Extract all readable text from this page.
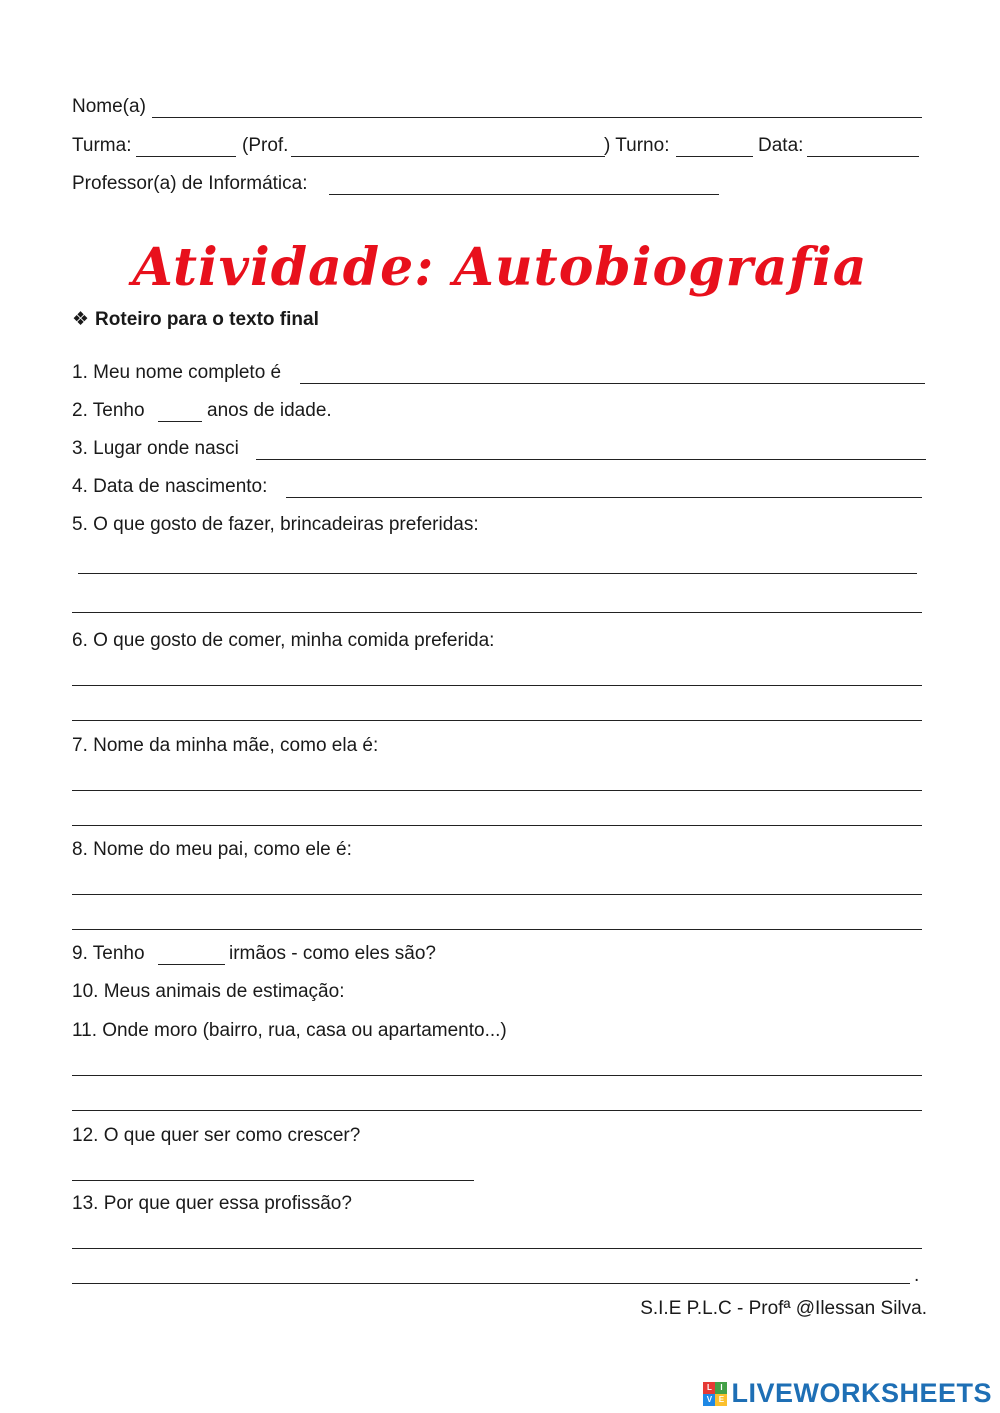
Nome(a)
Turma:	(Prof.	) Turno:	Data:
Professor(a) de Informática:
Atividade: Autobiografia
❖ Roteiro para o texto final
1. Meu nome completo é
2. Tenho	anos de idade.
3. Lugar onde nasci
4. Data de nascimento:
5. O que gosto de fazer, brincadeiras preferidas:
6. O que gosto de comer, minha comida preferida:
7. Nome da minha mãe, como ela é:
8. Nome do meu pai, como ele é:
9. Tenho	irmãos - como eles são?
10. Meus animais de estimação:
11. Onde moro (bairro, rua, casa ou apartamento...)
12. O que quer ser como crescer?
13. Por que quer essa profissão?
.
S.I.E P.L.C - Profª @Ilessan Silva.
L	I
V E LIVEWORKSHEETS
